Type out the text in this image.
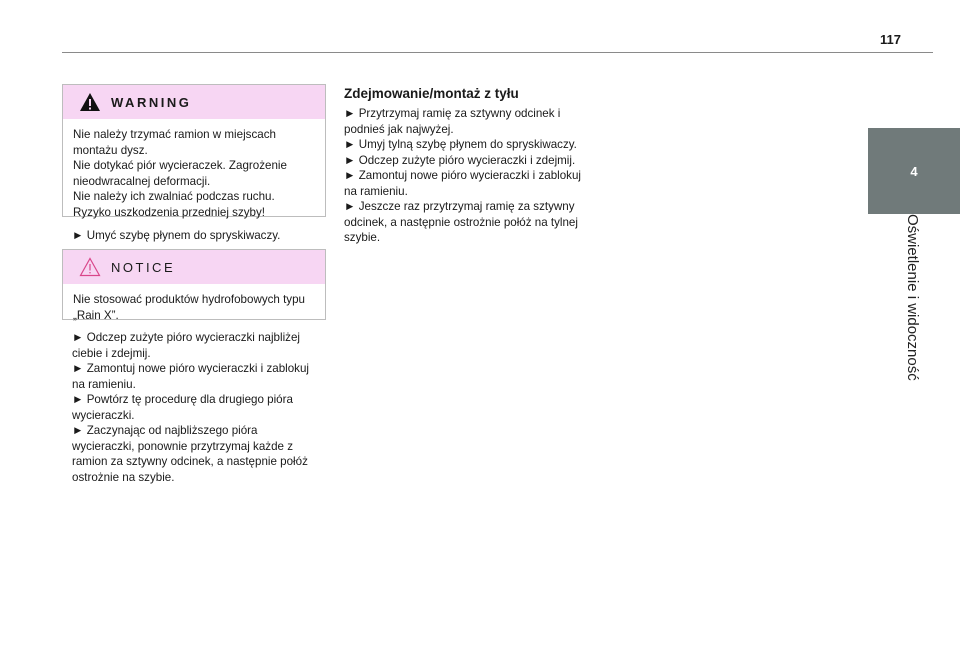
117
4
Oświetlenie i widoczność
WARNING
Nie należy trzymać ramion w miejscach
montażu dysz.
Nie dotykać piór wycieraczek. Zagrożenie
nieodwracalnej deformacji.
Nie należy ich zwalniać podczas ruchu.
Ryzyko uszkodzenia przedniej szyby!
► Umyć szybę płynem do spryskiwaczy.
NOTICE
Nie stosować produktów hydrofobowych typu
„Rain X”.
► Odczep zużyte pióro wycieraczki najbliżej
ciebie i zdejmij.
► Zamontuj nowe pióro wycieraczki i zablokuj
na ramieniu.
► Powtórz tę procedurę dla drugiego pióra
wycieraczki.
► Zaczynając od najbliższego pióra
wycieraczki, ponownie przytrzymaj każde z
ramion za sztywny odcinek, a następnie połóż
ostrożnie na szybie.
Zdejmowanie/montaż z tyłu
► Przytrzymaj ramię za sztywny odcinek i
podnieś jak najwyżej.
► Umyj tylną szybę płynem do spryskiwaczy.
► Odczep zużyte pióro wycieraczki i zdejmij.
► Zamontuj nowe pióro wycieraczki i zablokuj
na ramieniu.
► Jeszcze raz przytrzymaj ramię za sztywny
odcinek, a następnie ostrożnie połóż na tylnej
szybie.
